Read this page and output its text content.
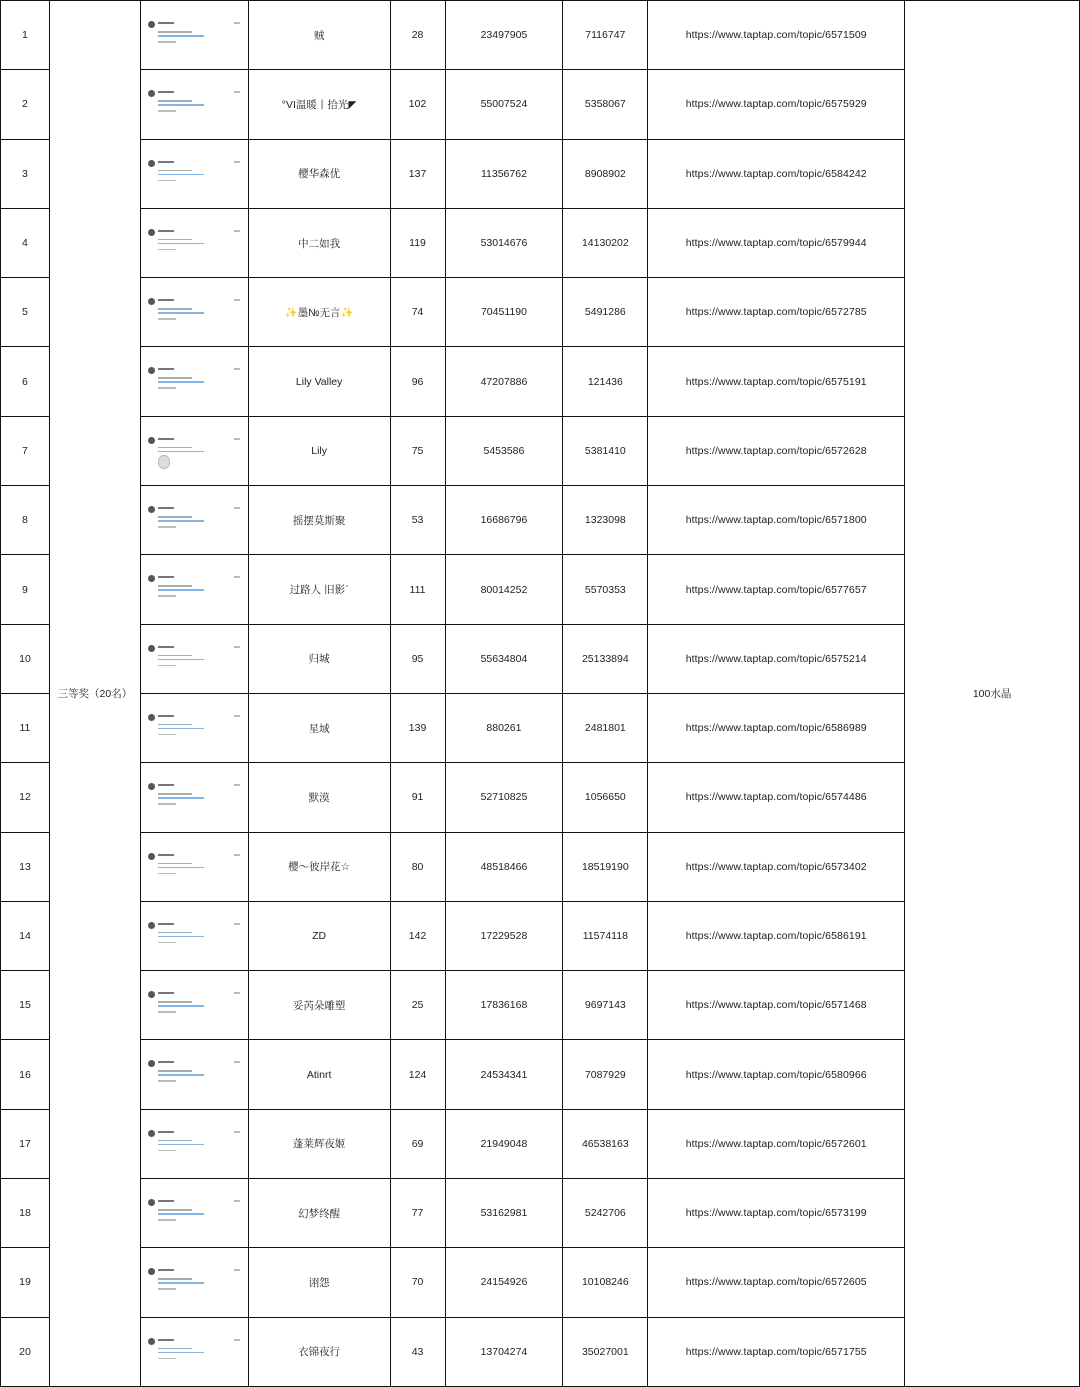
1	三等奖（20名）		贼	28	23497905	7116747	https://www.taptap.com/topic/6571509	100水晶
2			°VI温暖丨拾光◤	102	55007524	5358067	https://www.taptap.com/topic/6575929	
3			樱华森优	137	11356762	8908902	https://www.taptap.com/topic/6584242	
4			中二如我	119	53014676	14130202	https://www.taptap.com/topic/6579944	
5			✨墨№无言✨	74	70451190	5491286	https://www.taptap.com/topic/6572785	
6			Lily Valley	96	47207886	121436	https://www.taptap.com/topic/6575191	
7			Lily	75	5453586	5381410	https://www.taptap.com/topic/6572628	
8			摇摆莫斯聚	53	16686796	1323098	https://www.taptap.com/topic/6571800	
9			过路人 旧影ˊ	111	80014252	5570353	https://www.taptap.com/topic/6577657	
10			归城	95	55634804	25133894	https://www.taptap.com/topic/6575214	
11			星域	139	880261	2481801	https://www.taptap.com/topic/6586989	
12			默漠	91	52710825	1056650	https://www.taptap.com/topic/6574486	
13			樱～彼岸花☆	80	48518466	18519190	https://www.taptap.com/topic/6573402	
14			ZD	142	17229528	11574118	https://www.taptap.com/topic/6586191	
15			妥芮朵雕塑	25	17836168	9697143	https://www.taptap.com/topic/6571468	
16			Atinrt	124	24534341	7087929	https://www.taptap.com/topic/6580966	
17			蓬莱辉夜姬	69	21949048	46538163	https://www.taptap.com/topic/6572601	
18			幻梦终醒	77	53162981	5242706	https://www.taptap.com/topic/6573199	
19			诩怨	70	24154926	10108246	https://www.taptap.com/topic/6572605	
20			衣锦夜行	43	13704274	35027001	https://www.taptap.com/topic/6571755	
